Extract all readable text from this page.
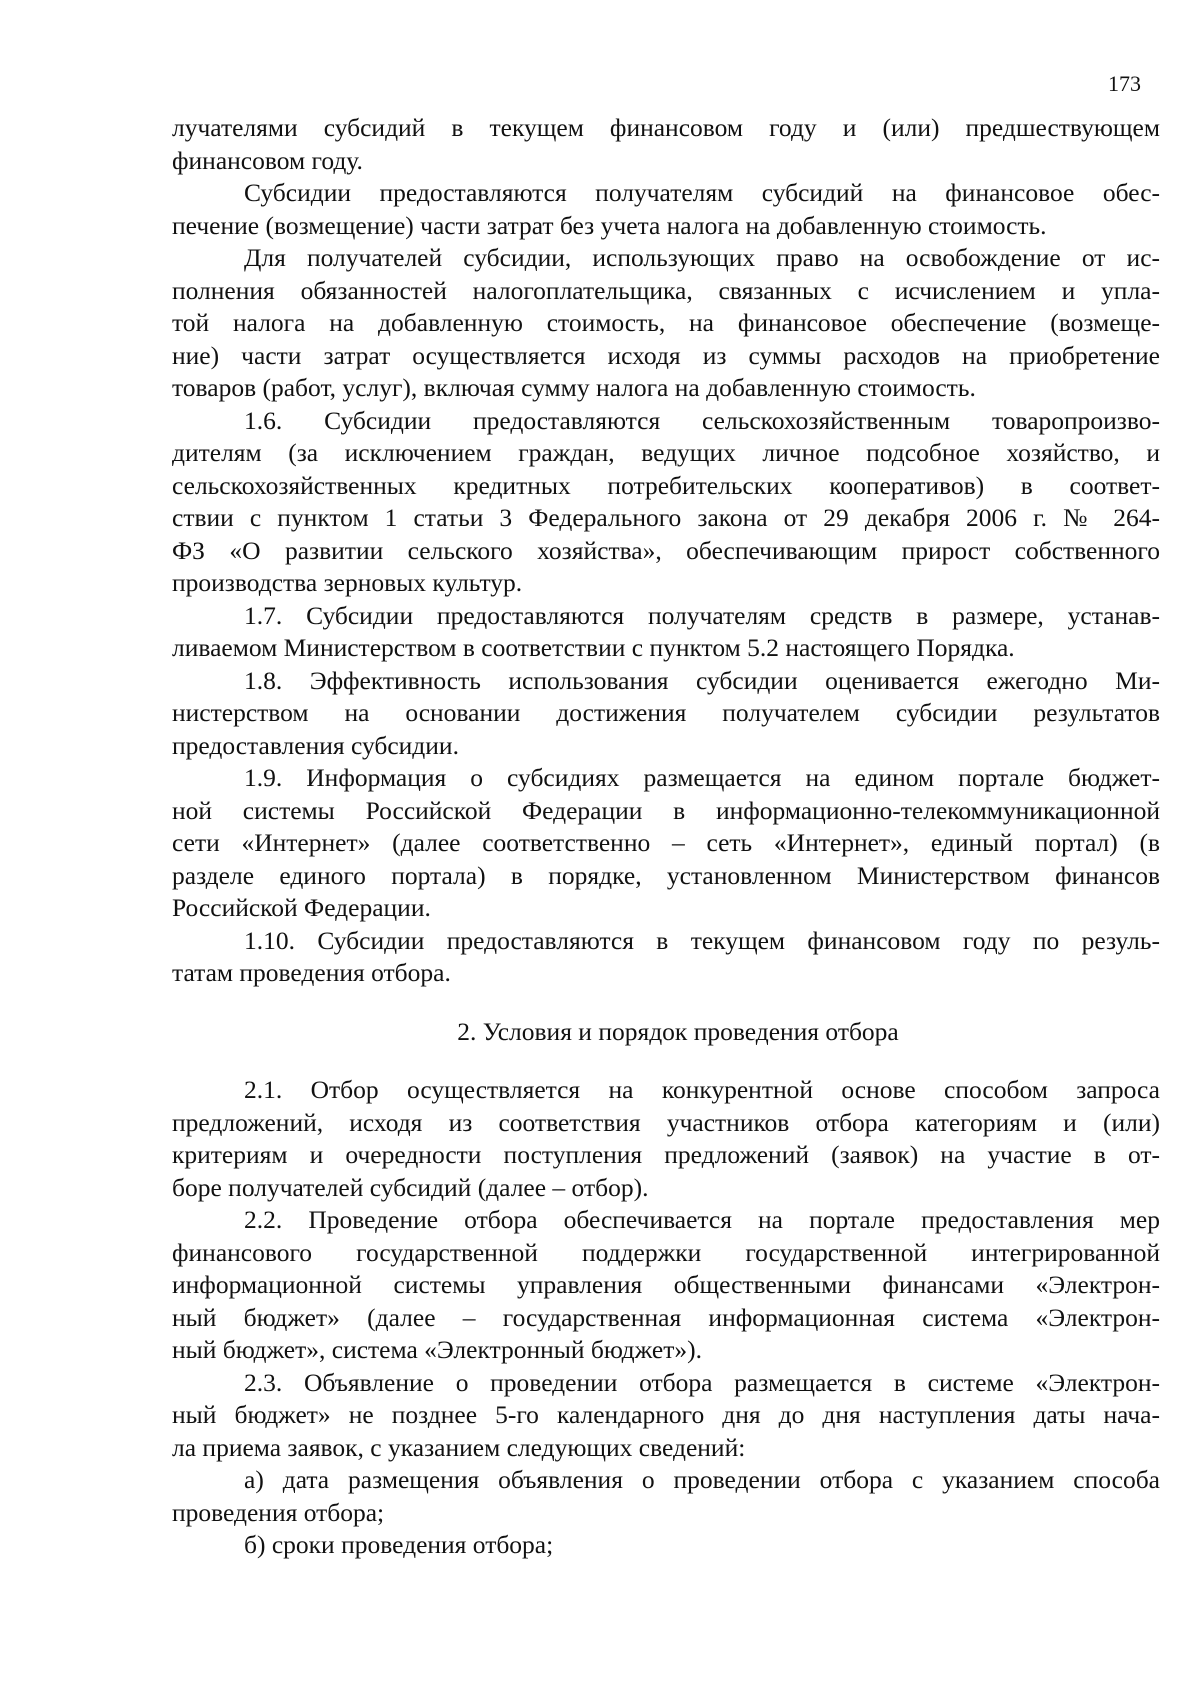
173

лучателями субсидий в текущем финансовом году и (или) предшествующем

финансовом году.

Субсидии предоставляются получателям субсидий на финансовое обес-

печение (возмещение) части затрат без учета налога на добавленную стоимость.

Для получателей субсидии, использующих право на освобождение от ис-

полнения обязанностей налогоплательщика, связанных с исчислением и упла-

той налога на добавленную стоимость, на финансовое обеспечение (возмеще-

ние) части затрат осуществляется исходя из суммы расходов на приобретение

товаров (работ, услуг), включая сумму налога на добавленную стоимость.

1.6. Субсидии предоставляются сельскохозяйственным товаропроизво-

дителям (за исключением граждан, ведущих личное подсобное хозяйство, и

сельскохозяйственных кредитных потребительских кооперативов) в соответ-

ствии с пунктом 1 статьи 3 Федерального закона от 29 декабря 2006 г. № 264-

ФЗ «О развитии сельского хозяйства», обеспечивающим прирост собственного

производства зерновых культур.

1.7. Субсидии предоставляются получателям средств в размере, устанав-

ливаемом Министерством в соответствии с пунктом 5.2 настоящего Порядка.

1.8. Эффективность использования субсидии оценивается ежегодно Ми-

нистерством на основании достижения получателем субсидии результатов

предоставления субсидии.

1.9. Информация о субсидиях размещается на едином портале бюджет-

ной системы Российской Федерации в информационно-телекоммуникационной

сети «Интернет» (далее соответственно – сеть «Интернет», единый портал) (в

разделе единого портала) в порядке, установленном Министерством финансов

Российской Федерации.

1.10. Субсидии предоставляются в текущем финансовом году по резуль-

татам проведения отбора.

2. Условия и порядок проведения отбора

2.1. Отбор осуществляется на конкурентной основе способом запроса

предложений, исходя из соответствия участников отбора категориям и (или)

критериям и очередности поступления предложений (заявок) на участие в от-

боре получателей субсидий (далее – отбор).

2.2. Проведение отбора обеспечивается на портале предоставления мер

финансового государственной поддержки государственной интегрированной

информационной системы управления общественными финансами «Электрон-

ный бюджет» (далее – государственная информационная система «Электрон-

ный бюджет», система «Электронный бюджет»).

2.3. Объявление о проведении отбора размещается в системе «Электрон-

ный бюджет» не позднее 5-го календарного дня до дня наступления даты нача-

ла приема заявок, с указанием следующих сведений:

а) дата размещения объявления о проведении отбора с указанием способа

проведения отбора;

б) сроки проведения отбора;
